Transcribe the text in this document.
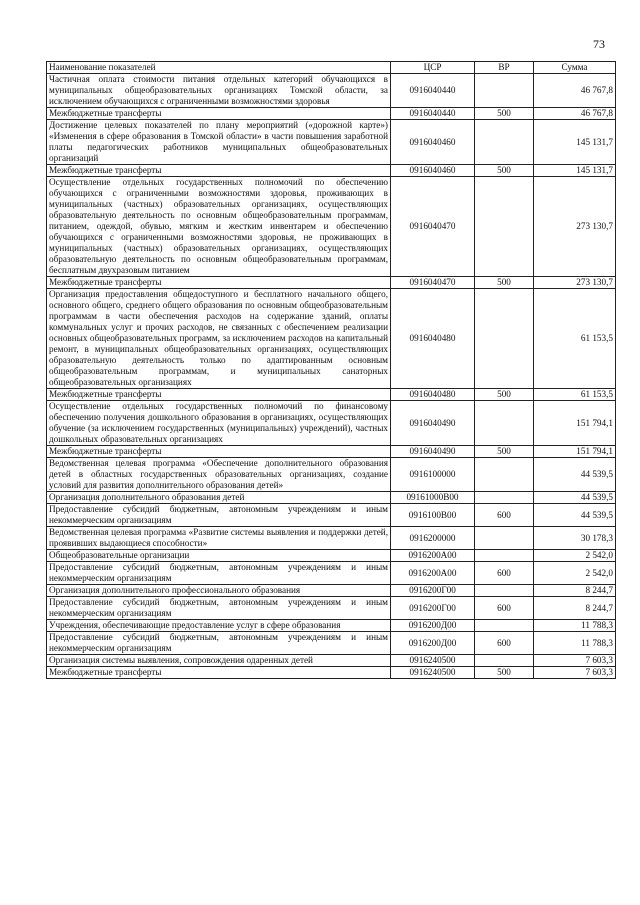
73
Наименование показателей	ЦСР	ВР	Сумма
Частичная оплата стоимости питания отдельных категорий обучающихся в муниципальных общеобразовательных организациях Томской области, за исключением обучающихся с ограниченными возможностями здоровья	0916040440		46 767,8
Межбюджетные трансферты	0916040440	500	46 767,8
Достижение целевых показателей по плану мероприятий («дорожной карте») «Изменения в сфере образования в Томской области» в части повышения заработной платы педагогических работников муниципальных общеобразовательных организаций	0916040460		145 131,7
Межбюджетные трансферты	0916040460	500	145 131,7
Осуществление отдельных государственных полномочий по обеспечению обучающихся с ограниченными возможностями здоровья, проживающих в муниципальных (частных) образовательных организациях, осуществляющих образовательную деятельность по основным общеобразовательным программам, питанием, одеждой, обувью, мягким и жестким инвентарем и обеспечению обучающихся с ограниченными возможностями здоровья, не проживающих в муниципальных (частных) образовательных организациях, осуществляющих образовательную деятельность по основным общеобразовательным программам, бесплатным двухразовым питанием	0916040470		273 130,7
Межбюджетные трансферты	0916040470	500	273 130,7
Организация предоставления общедоступного и бесплатного начального общего, основного общего, среднего общего образования по основным общеобразовательным программам в части обеспечения расходов на содержание зданий, оплаты коммунальных услуг и прочих расходов, не связанных с обеспечением реализации основных общеобразовательных программ, за исключением расходов на капитальный ремонт, в муниципальных общеобразовательных организациях, осуществляющих образовательную деятельность только по адаптированным основным общеобразовательным программам, и муниципальных санаторных общеобразовательных организациях	0916040480		61 153,5
Межбюджетные трансферты	0916040480	500	61 153,5
Осуществление отдельных государственных полномочий по финансовому обеспечению получения дошкольного образования в организациях, осуществляющих обучение (за исключением государственных (муниципальных) учреждений), частных дошкольных образовательных организациях	0916040490		151 794,1
Межбюджетные трансферты	0916040490	500	151 794,1
Ведомственная целевая программа «Обеспечение дополнительного образования детей в областных государственных образовательных организациях, создание условий для развития дополнительного образования детей»	0916100000		44 539,5
Организация дополнительного образования детей	09161000В00		44 539,5
Предоставление субсидий бюджетным, автономным учреждениям и иным некоммерческим организациям	0916100В00	600	44 539,5
Ведомственная целевая программа «Развитие системы выявления и поддержки детей, проявивших выдающиеся способности»	0916200000		30 178,3
Общеобразовательные организации	0916200А00		2 542,0
Предоставление субсидий бюджетным, автономным учреждениям и иным некоммерческим организациям	0916200А00	600	2 542,0
Организация дополнительного профессионального образования	0916200Г00		8 244,7
Предоставление субсидий бюджетным, автономным учреждениям и иным некоммерческим организациям	0916200Г00	600	8 244,7
Учреждения, обеспечивающие предоставление услуг в сфере образования	0916200Д00		11 788,3
Предоставление субсидий бюджетным, автономным учреждениям и иным некоммерческим организациям	0916200Д00	600	11 788,3
Организация системы выявления, сопровождения одаренных детей	0916240500		7 603,3
Межбюджетные трансферты	0916240500	500	7 603,3
